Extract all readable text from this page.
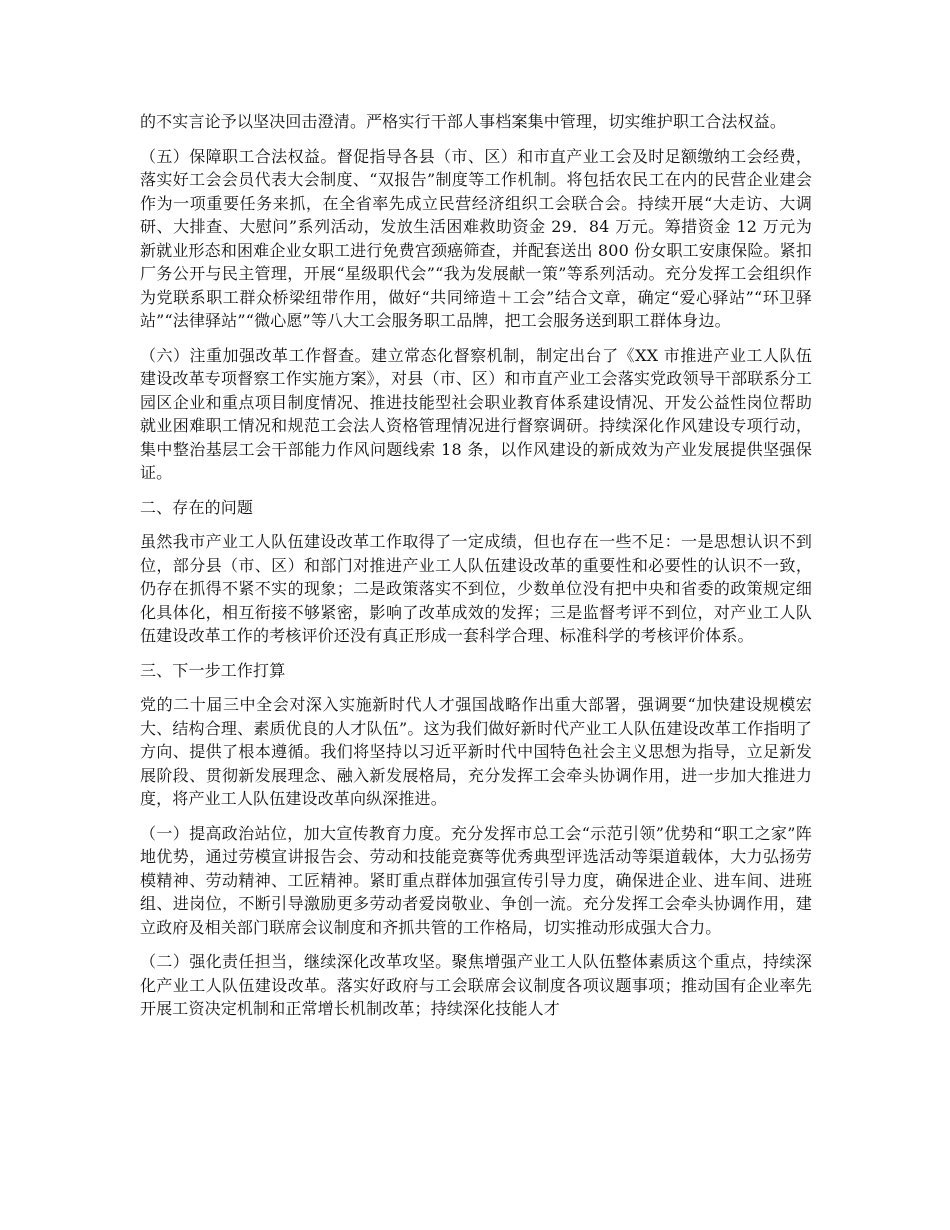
的不实言论予以坚决回击澄清。严格实行干部人事档案集中管理，切实维护职工合法权益。

（五）保障职工合法权益。督促指导各县（市、区）和市直产业工会及时足额缴纳工会经费，落实好工会会员代表大会制度、“双报告”制度等工作机制。将包括农民工在内的民营企业建会作为一项重要任务来抓，在全省率先成立民营经济组织工会联合会。持续开展“大走访、大调研、大排查、大慰问”系列活动，发放生活困难救助资金 29．84 万元。筹措资金 12 万元为新就业形态和困难企业女职工进行免费宫颈癌筛查，并配套送出 800 份女职工安康保险。紧扣厂务公开与民主管理，开展“星级职代会”“我为发展献一策”等系列活动。充分发挥工会组织作为党联系职工群众桥梁纽带作用，做好“共同缔造＋工会”结合文章，确定“爱心驿站”“环卫驿站”“法律驿站”“微心愿”等八大工会服务职工品牌，把工会服务送到职工群体身边。

（六）注重加强改革工作督查。建立常态化督察机制，制定出台了《XX 市推进产业工人队伍建设改革专项督察工作实施方案》，对县（市、区）和市直产业工会落实党政领导干部联系分工园区企业和重点项目制度情况、推进技能型社会职业教育体系建设情况、开发公益性岗位帮助就业困难职工情况和规范工会法人资格管理情况进行督察调研。持续深化作风建设专项行动，集中整治基层工会干部能力作风问题线索 18 条，以作风建设的新成效为产业发展提供坚强保证。

二、存在的问题

虽然我市产业工人队伍建设改革工作取得了一定成绩，但也存在一些不足：一是思想认识不到位，部分县（市、区）和部门对推进产业工人队伍建设改革的重要性和必要性的认识不一致，仍存在抓得不紧不实的现象；二是政策落实不到位，少数单位没有把中央和省委的政策规定细化具体化，相互衔接不够紧密，影响了改革成效的发挥；三是监督考评不到位，对产业工人队伍建设改革工作的考核评价还没有真正形成一套科学合理、标准科学的考核评价体系。

三、下一步工作打算

党的二十届三中全会对深入实施新时代人才强国战略作出重大部署，强调要“加快建设规模宏大、结构合理、素质优良的人才队伍”。这为我们做好新时代产业工人队伍建设改革工作指明了方向、提供了根本遵循。我们将坚持以习近平新时代中国特色社会主义思想为指导，立足新发展阶段、贯彻新发展理念、融入新发展格局，充分发挥工会牵头协调作用，进一步加大推进力度，将产业工人队伍建设改革向纵深推进。

（一）提高政治站位，加大宣传教育力度。充分发挥市总工会“示范引领”优势和“职工之家”阵地优势，通过劳模宣讲报告会、劳动和技能竞赛等优秀典型评选活动等渠道载体，大力弘扬劳模精神、劳动精神、工匠精神。紧盯重点群体加强宣传引导力度，确保进企业、进车间、进班组、进岗位，不断引导激励更多劳动者爱岗敬业、争创一流。充分发挥工会牵头协调作用，建立政府及相关部门联席会议制度和齐抓共管的工作格局，切实推动形成强大合力。

（二）强化责任担当，继续深化改革攻坚。聚焦增强产业工人队伍整体素质这个重点，持续深化产业工人队伍建设改革。落实好政府与工会联席会议制度各项议题事项；推动国有企业率先开展工资决定机制和正常增长机制改革；持续深化技能人才
